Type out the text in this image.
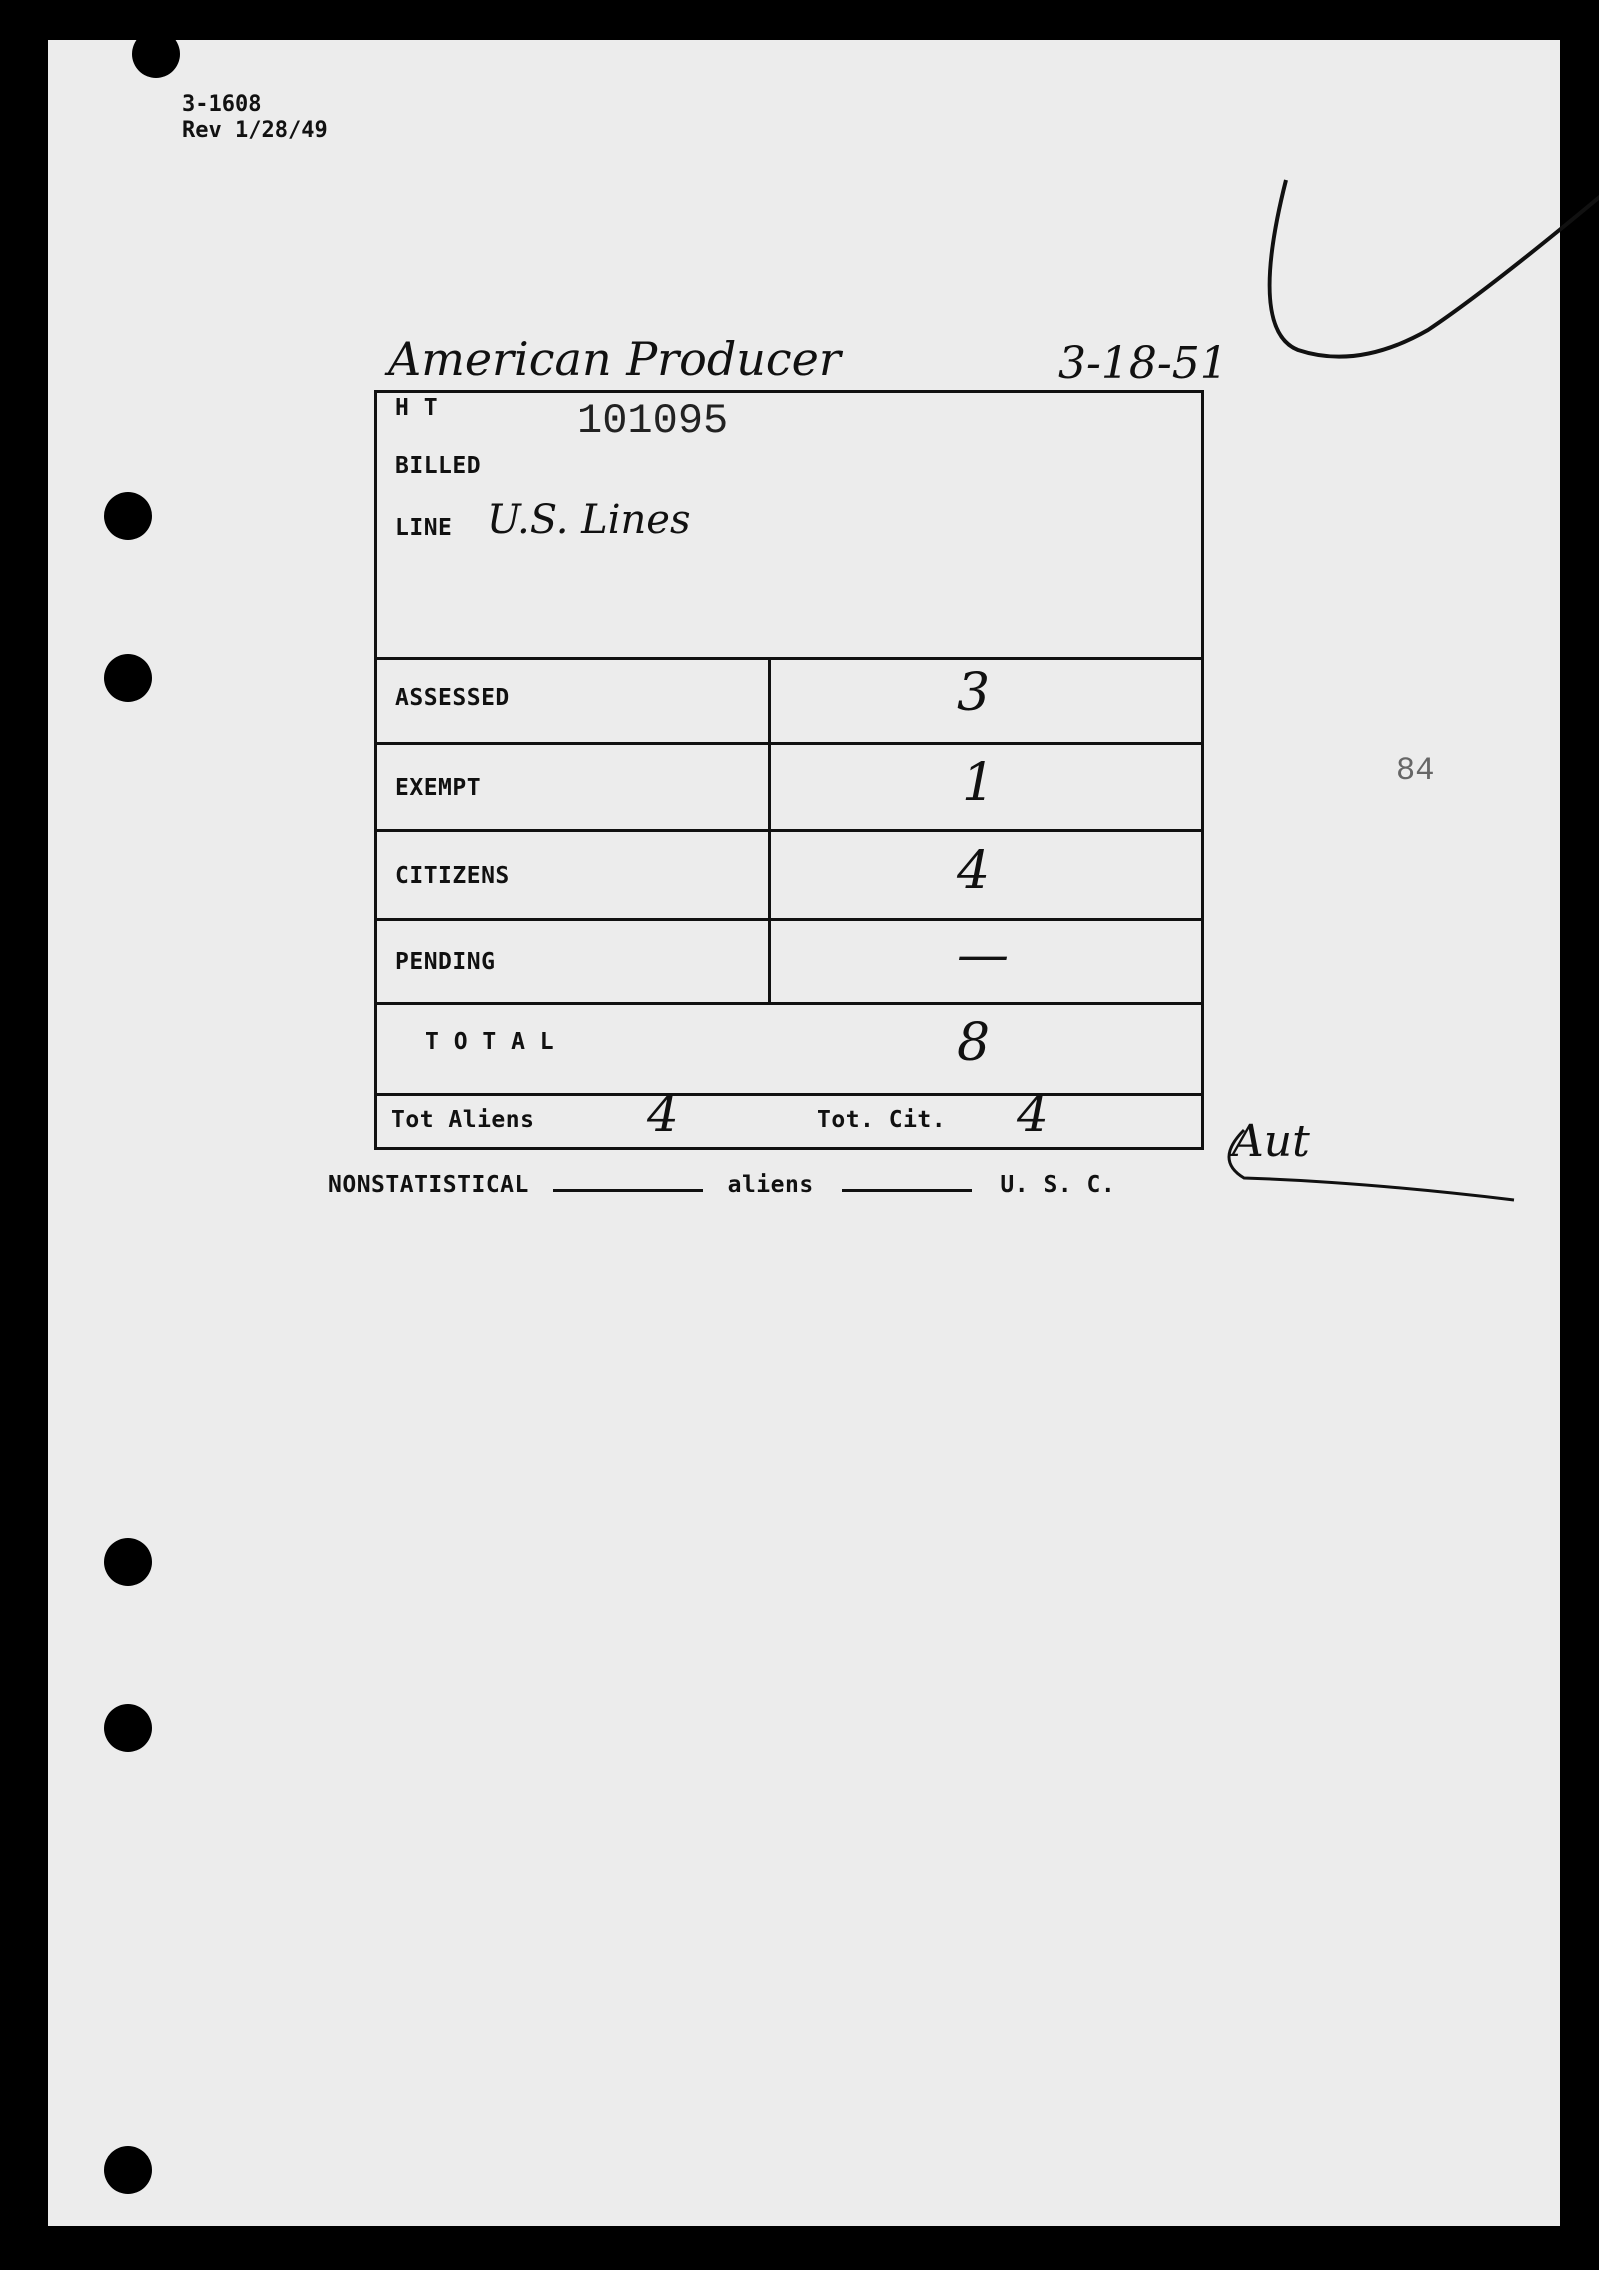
3-1608
Rev 1/28/49
American Producer	3-18-51
H T	101095
BILLED
LINE U.S. Lines
ASSESSED	3
EXEMPT	1
CITIZENS	4
PENDING	—
T O T A L	8
Tot Aliens 4	Tot. Cit. 4
84
Aut
NONSTATISTICAL	aliens	U. S. C.
